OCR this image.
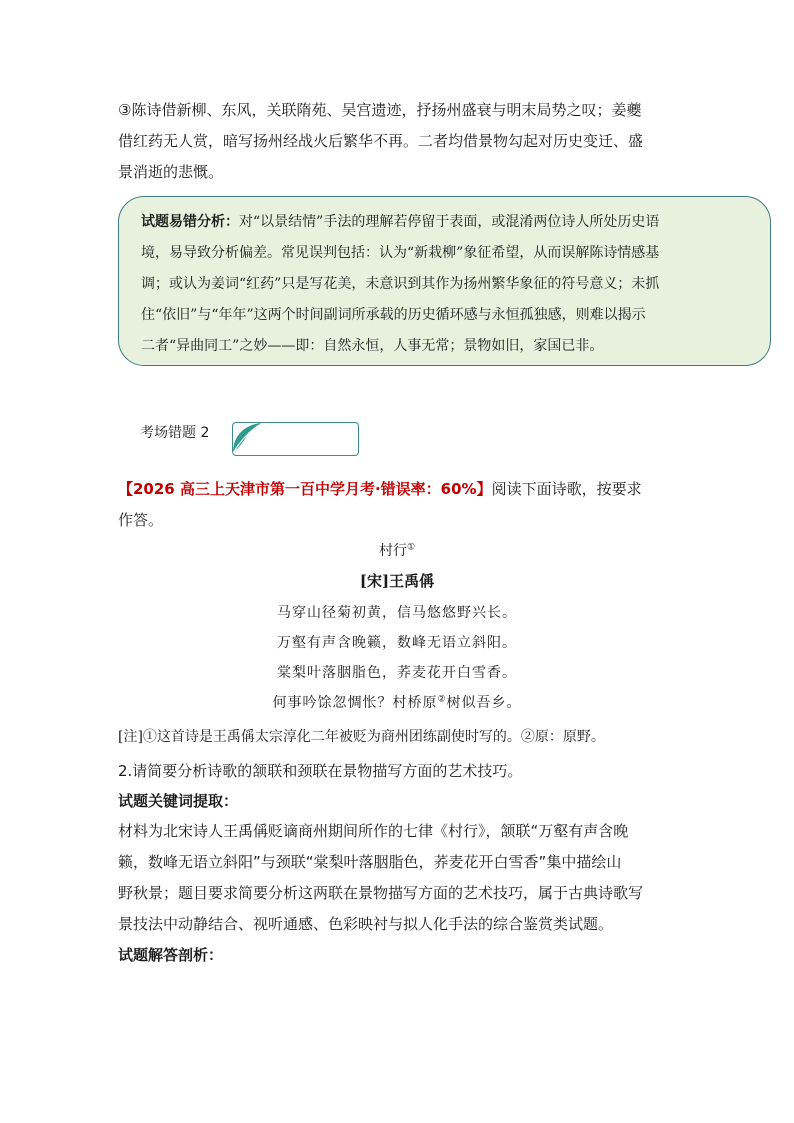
③陈诗借新柳、东风，关联隋苑、吴宫遗迹，抒扬州盛衰与明末局势之叹；姜夔
借红药无人赏，暗写扬州经战火后繁华不再。二者均借景物勾起对历史变迁、盛
景消逝的悲慨。
试题易错分析：对“以景结情”手法的理解若停留于表面，或混淆两位诗人所处历史语
境，易导致分析偏差。常见误判包括：认为“新栽柳”象征希望，从而误解陈诗情感基
调；或认为姜词“红药”只是写花美，未意识到其作为扬州繁华象征的符号意义；未抓
住“依旧”与“年年”这两个时间副词所承载的历史循环感与永恒孤独感，则难以揭示
二者“异曲同工”之妙——即：自然永恒，人事无常；景物如旧，家国已非。
考场错题 2
【2026 高三上天津市第一百中学月考·错误率：60%】阅读下面诗歌，按要求
作答。
村行①
[宋]王禹偁
马穿山径菊初黄，信马悠悠野兴长。
万壑有声含晚籁，数峰无语立斜阳。
棠梨叶落胭脂色，荞麦花开白雪香。
何事吟馀忽惆怅？村桥原②树似吾乡。
[注]①这首诗是王禹偁太宗淳化二年被贬为商州团练副使时写的。②原：原野。
2.请简要分析诗歌的颔联和颈联在景物描写方面的艺术技巧。
试题关键词提取：
材料为北宋诗人王禹偁贬谪商州期间所作的七律《村行》，颔联“万壑有声含晚
籁，数峰无语立斜阳”与颈联“棠梨叶落胭脂色，荞麦花开白雪香”集中描绘山
野秋景；题目要求简要分析这两联在景物描写方面的艺术技巧，属于古典诗歌写
景技法中动静结合、视听通感、色彩映衬与拟人化手法的综合鉴赏类试题。
试题解答剖析：
